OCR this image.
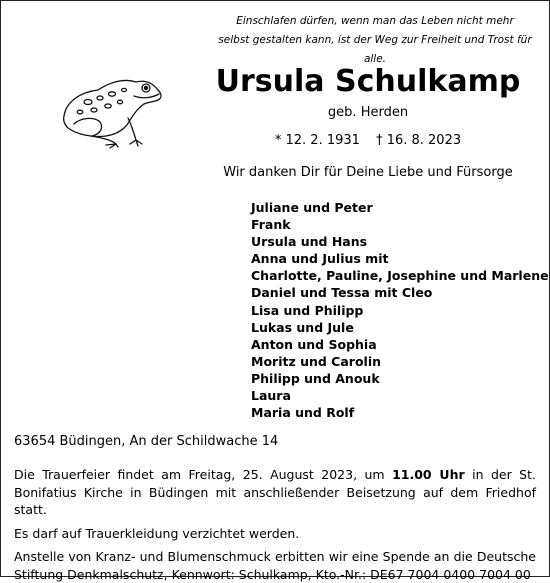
Einschlafen dürfen, wenn man das Leben nicht mehr
selbst gestalten kann, ist der Weg zur Freiheit und Trost für alle.
Ursula Schulkamp
geb. Herden
* 12. 2. 1931 † 16. 8. 2023
Wir danken Dir für Deine Liebe und Fürsorge
Juliane und Peter
Frank
Ursula und Hans
Anna und Julius mit
Charlotte, Pauline, Josephine und Marlene
Daniel und Tessa mit Cleo
Lisa und Philipp
Lukas und Jule
Anton und Sophia
Moritz und Carolin
Philipp und Anouk
Laura
Maria und Rolf
63654 Büdingen, An der Schildwache 14

Die Trauerfeier findet am Freitag, 25. August 2023, um 11.00 Uhr in der St. Bonifatius Kirche in Büdingen mit anschließender Beisetzung auf dem Friedhof statt.

Es darf auf Trauerkleidung verzichtet werden.

Anstelle von Kranz- und Blumenschmuck erbitten wir eine Spende an die Deutsche Stiftung Denkmalschutz, Kennwort: Schulkamp, Kto.-Nr.: DE67 7004 0400 7004 00
